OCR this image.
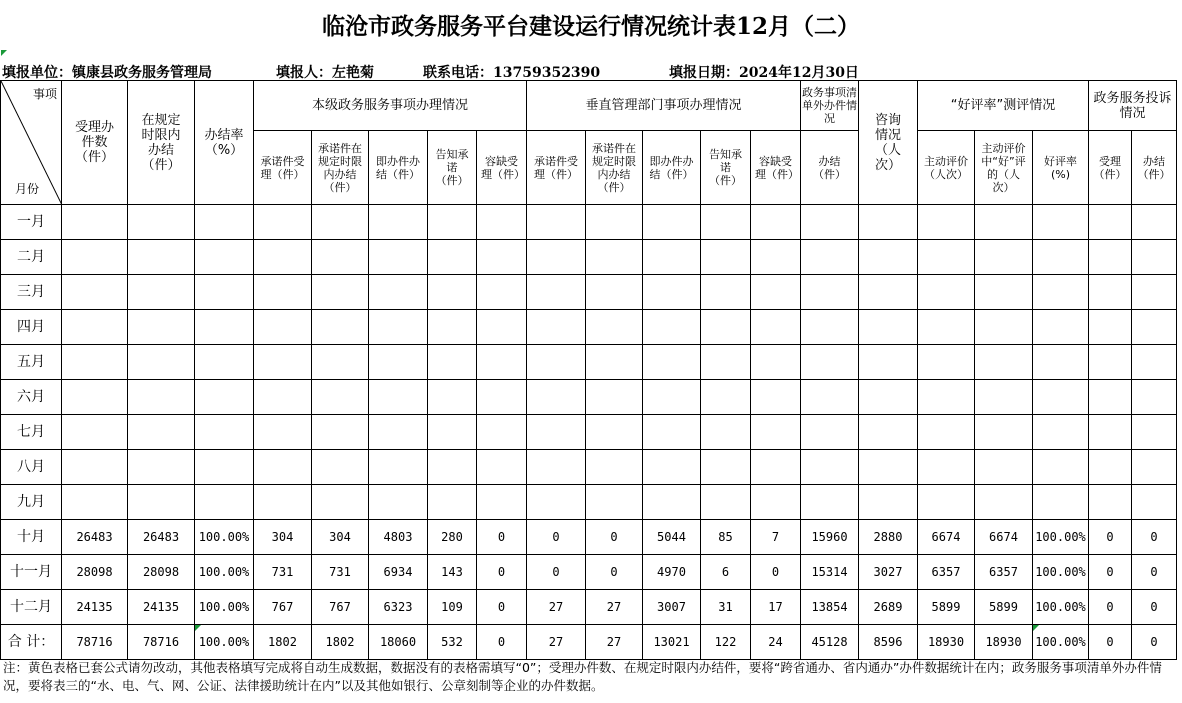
临沧市政务服务平台建设运行情况统计表12月（二）
填报单位：镇康县政务服务管理局	填报人：左艳菊	联系电话：13759352390	填报日期：2024年12月30日
事项
月份	受理办件数（件）	在规定时限内办结（件）	办结率（%）	本级政务服务事项办理情况					垂直管理部门事项办理情况					政务事项清单外办件情况	咨询情况（人次）	“好评率”测评情况			政务服务投诉情况	
				承诺件受理（件）	承诺件在规定时限内办结（件）	即办件办结（件）	告知承诺（件）	容缺受理（件）	承诺件受理（件）	承诺件在规定时限内办结（件）	即办件办结（件）	告知承诺（件）	容缺受理（件）	办结（件）		主动评价（人次）	主动评价中“好”评的（人次）	好评率(%)	受理（件）	办结（件）
一月																				
二月																				
三月																				
四月																				
五月																				
六月																				
七月																				
八月																				
九月																				
十月	26483	26483	100.00%	304	304	4803	280	0	0	0	5044	85	7	15960	2880	6674	6674	100.00%	0	0
十一月	28098	28098	100.00%	731	731	6934	143	0	0	0	4970	6	0	15314	3027	6357	6357	100.00%	0	0
十二月	24135	24135	100.00%	767	767	6323	109	0	27	27	3007	31	17	13854	2689	5899	5899	100.00%	0	0
合 计：	78716	78716	100.00%	1802	1802	18060	532	0	27	27	13021	122	24	45128	8596	18930	18930	100.00%	0	0
注：黄色表格已套公式请勿改动，其他表格填写完成将自动生成数据，数据没有的表格需填写“0”；受理办件数、在规定时限内办结件，要将“跨省通办、省内通办”办件数据统计在内；政务服务事项清单外办件情况，要将表三的“水、电、气、网、公证、法律援助统计在内”以及其他如银行、公章刻制等企业的办件数据。
